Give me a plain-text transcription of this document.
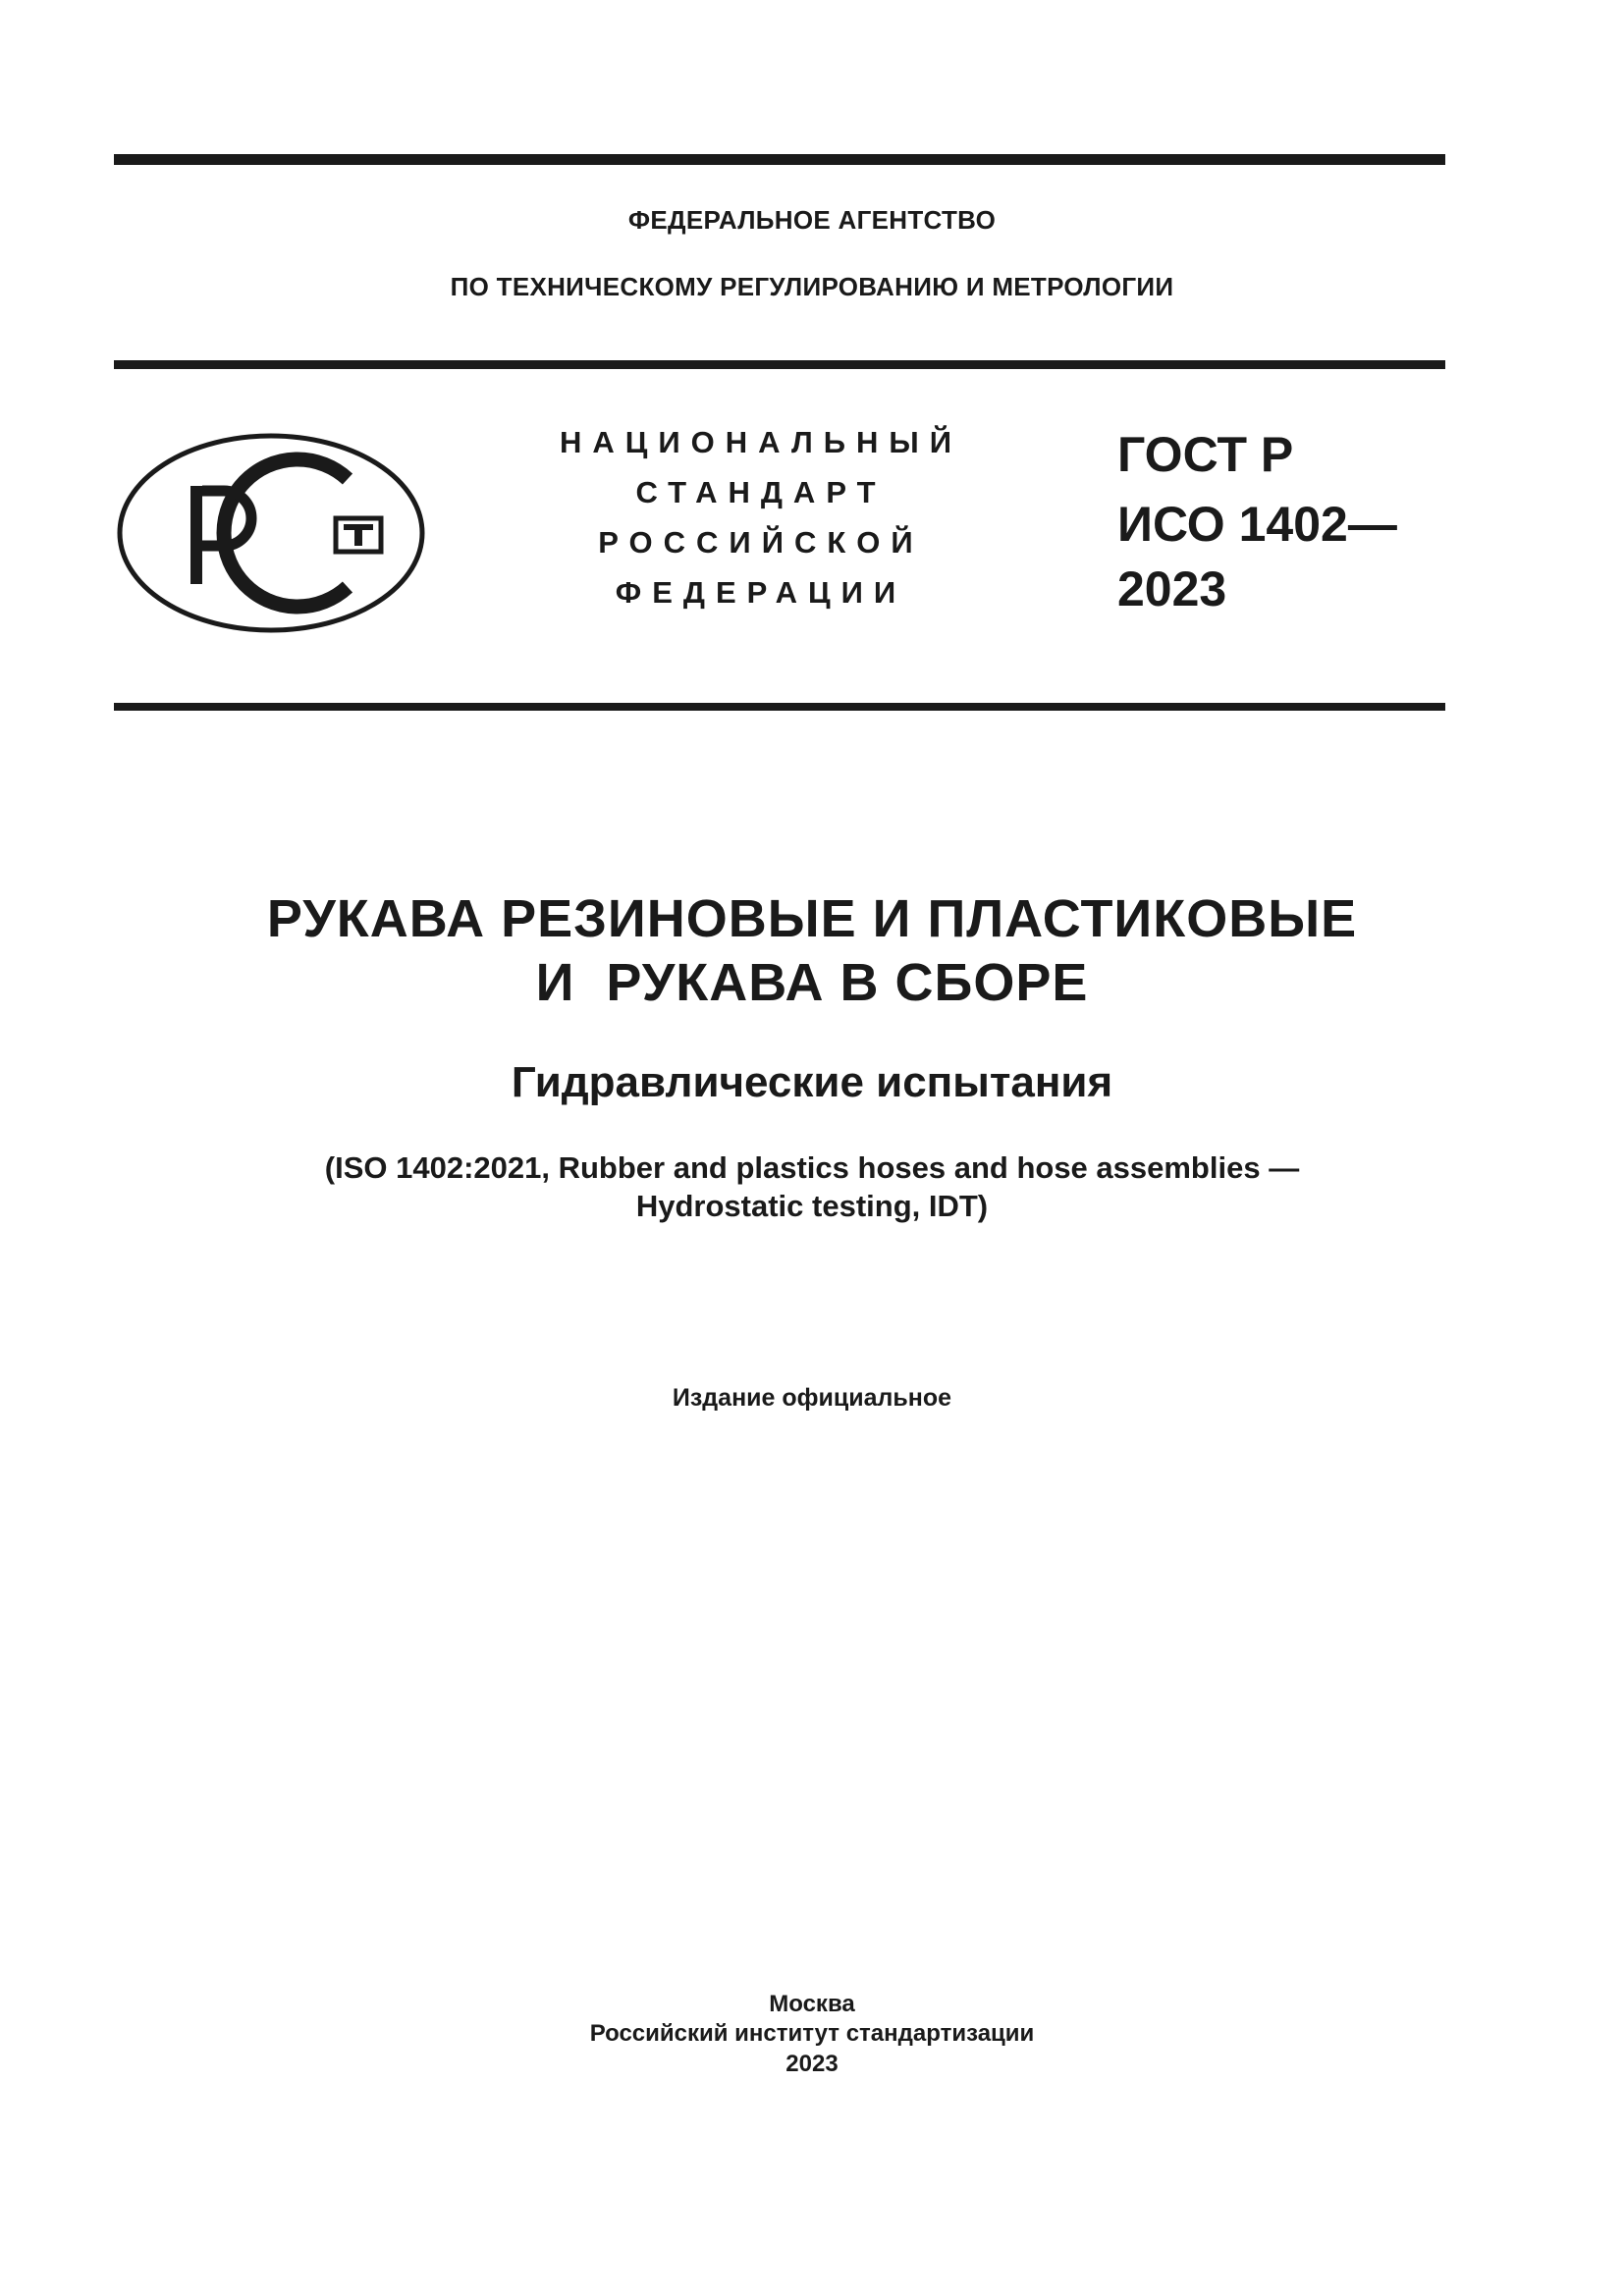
ФЕДЕРАЛЬНОЕ АГЕНТСТВО
ПО ТЕХНИЧЕСКОМУ РЕГУЛИРОВАНИЮ И МЕТРОЛОГИИ
НАЦИОНАЛЬНЫЙ
СТАНДАРТ
РОССИЙСКОЙ
ФЕДЕРАЦИИ
ГОСТ Р
ИСО 1402—
2023
РУКАВА РЕЗИНОВЫЕ И ПЛАСТИКОВЫЕ
И  РУКАВА В СБОРЕ
Гидравлические испытания
(ISO 1402:2021, Rubber and plastics hoses and hose assemblies —
Hydrostatic testing, IDT)
Издание официальное
Москва
Российский институт стандартизации
2023
